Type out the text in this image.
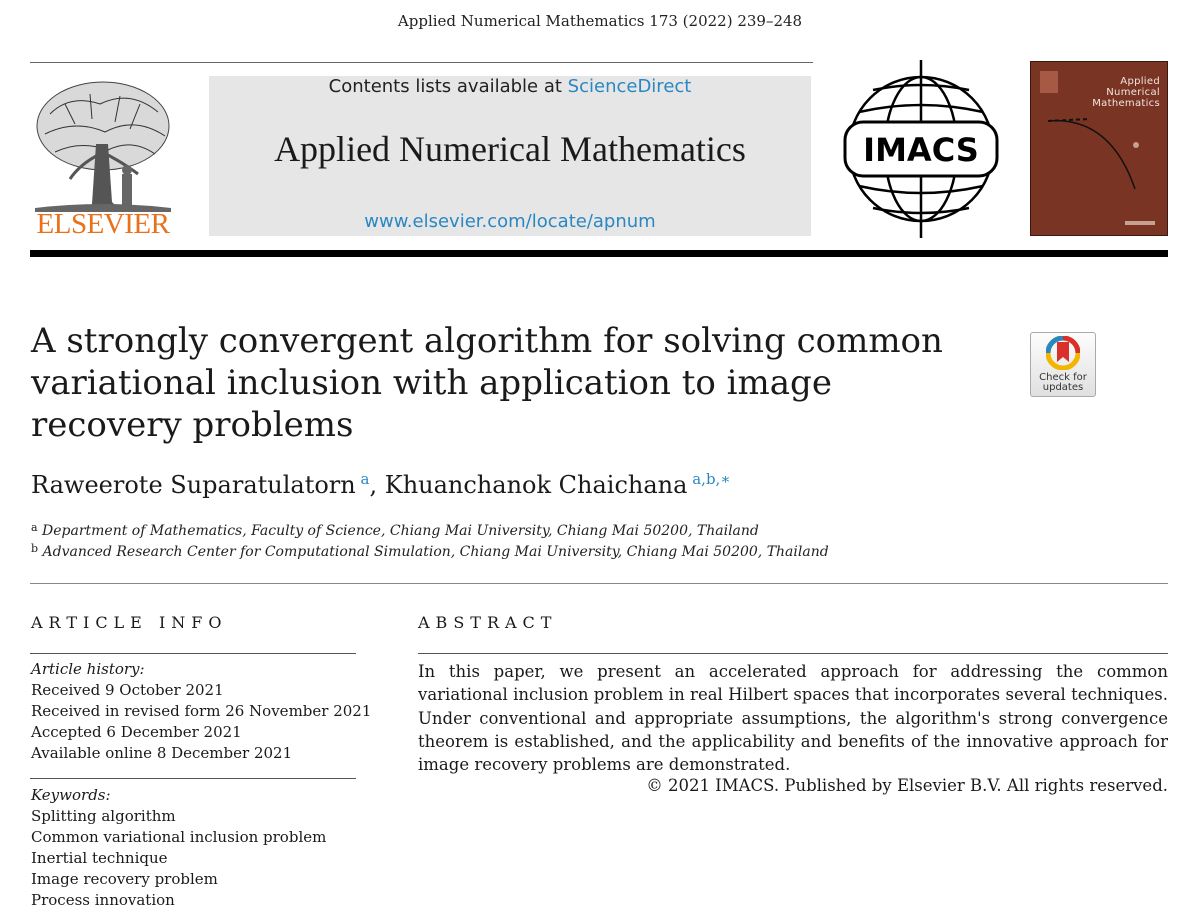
Applied Numerical Mathematics 173 (2022) 239–248
ELSEVIER
Contents lists available at ScienceDirect
Applied Numerical Mathematics
www.elsevier.com/locate/apnum
IMACS
Applied
Numerical
Mathematics
A strongly convergent algorithm for solving common variational inclusion with application to image recovery problems
Check for
updates
Raweerote Suparatulatorn  $^a$, Khuanchanok Chaichana  $^{a,b,∗}$
$^a$ Department of Mathematics, Faculty of Science, Chiang Mai University, Chiang Mai 50200, Thailand
$^b$ Advanced Research Center for Computational Simulation, Chiang Mai University, Chiang Mai 50200, Thailand
ARTICLE INFO
Article history:
Received 9 October 2021
Received in revised form 26 November 2021
Accepted 6 December 2021
Available online 8 December 2021
Keywords:
Splitting algorithm
Common variational inclusion problem
Inertial technique
Image recovery problem
Process innovation
ABSTRACT
In this paper, we present an accelerated approach for addressing the common variational inclusion problem in real Hilbert spaces that incorporates several techniques. Under conventional and appropriate assumptions, the algorithm's strong convergence theorem is established, and the applicability and benefits of the innovative approach for image recovery problems are demonstrated.
© 2021 IMACS. Published by Elsevier B.V. All rights reserved.
